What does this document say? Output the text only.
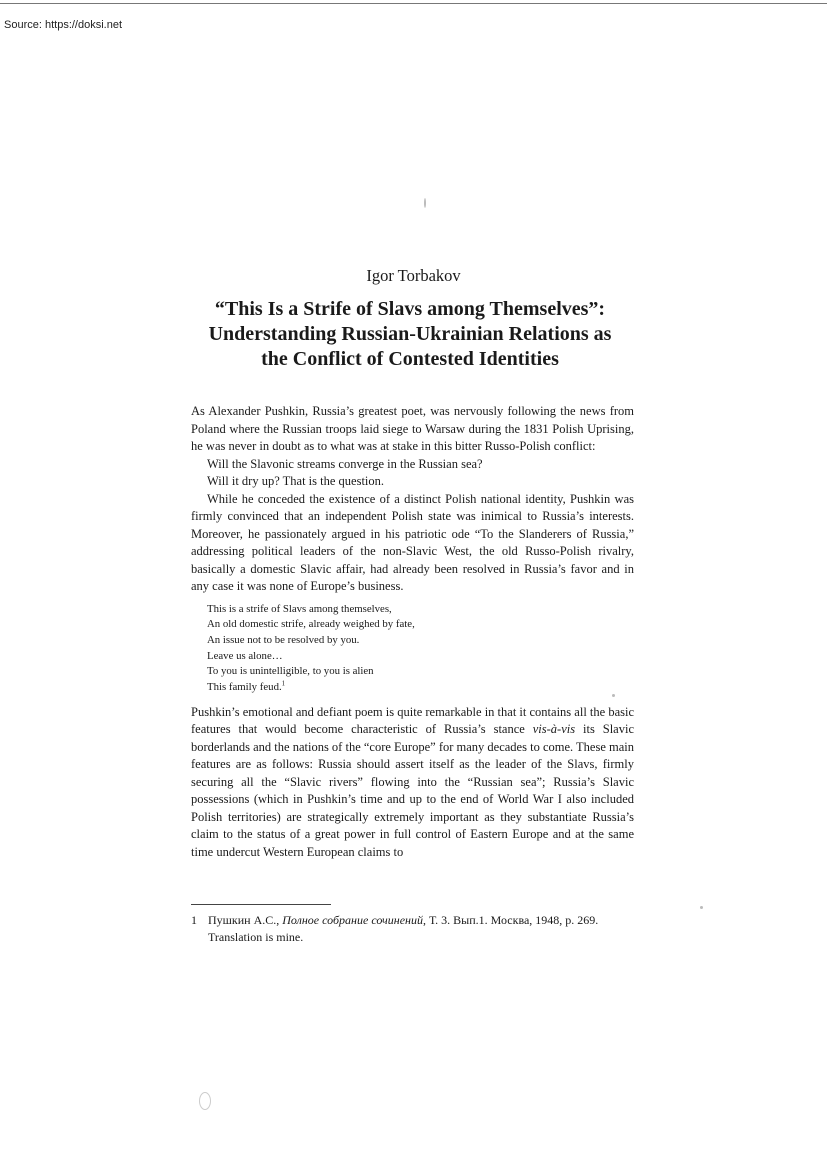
Source: https://doksi.net
Igor Torbakov
“This Is a Strife of Slavs among Themselves”:
Understanding Russian-Ukrainian Relations as
the Conflict of Contested Identities

As Alexander Pushkin, Russia’s greatest poet, was nervously following the news from Poland where the Russian troops laid siege to Warsaw during the 1831 Polish Uprising, he was never in doubt as to what was at stake in this bitter Russo-Polish conflict:

Will the Slavonic streams converge in the Russian sea?

Will it dry up? That is the question.

While he conceded the existence of a distinct Polish national identity, Pushkin was firmly convinced that an independent Polish state was inimical to Russia’s interests. Moreover, he passionately argued in his patriotic ode “To the Slanderers of Russia,” addressing political leaders of the non-Slavic West, the old Russo-Polish rivalry, basically a domestic Slavic affair, had already been resolved in Russia’s favor and in any case it was none of Europe’s business.

This is a strife of Slavs among themselves,
An old domestic strife, already weighed by fate,
An issue not to be resolved by you.
Leave us alone…
To you is unintelligible, to you is alien
This family feud.$^1$

Pushkin’s emotional and defiant poem is quite remarkable in that it contains all the basic features that would become characteristic of Russia’s stance vis-à-vis its Slavic borderlands and the nations of the “core Europe” for many decades to come. These main features are as follows: Russia should assert itself as the leader of the Slavs, firmly securing all the “Slavic rivers” flowing into the “Russian sea”; Russia’s Slavic possessions (which in Pushkin’s time and up to the end of World War I also included Polish territories) are strategically extremely important as they substantiate Russia’s claim to the status of a great power in full control of Eastern Europe and at the same time undercut Western European claims to

1 Пушкин А.С., Полное собрание сочинений, Т. 3. Вып.1. Москва, 1948, p. 269.
Translation is mine.
